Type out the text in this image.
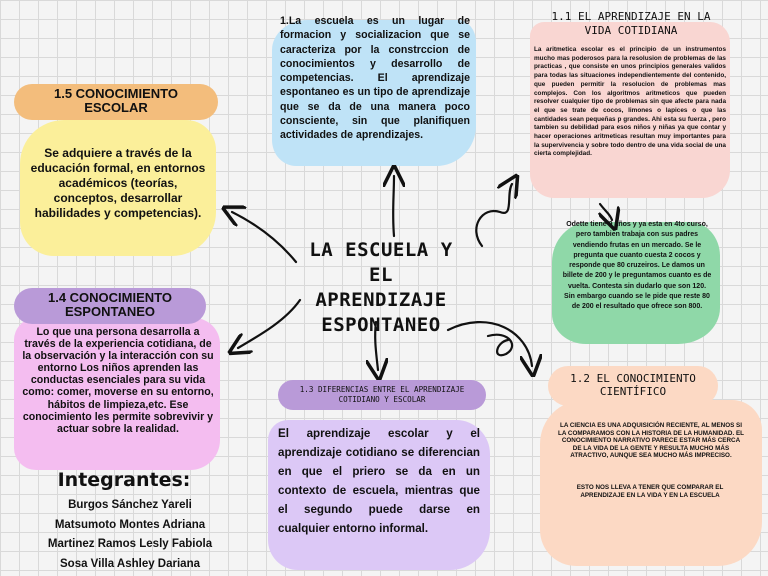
LA ESCUELA Y EL
APRENDIZAJE
ESPONTANEO

1.La escuela es un lugar de formacion y socializacion que se caracteriza por la constrccion de conocimientos y desarrollo de competencias. El aprendizaje espontaneo es un tipo de aprendizaje que se da de una manera poco consciente, sin que planifiquen actividades de aprendizajes.

1.1 EL APRENDIZAJE EN LA VIDA COTIDIANA

La aritmetica escolar es el principio de un instrumentos mucho mas poderosos para la resolusion de problemas de las practicas , que consiste en unos principios generales validos para todas las situaciones independientemente del contenido, que pueden permitir la resolucion de problemas mas complejos. Con los algoritmos aritmeticos que pueden resolver cualquier tipo de problemas sin que afecte para nada el que se trate de cocos, limones o lapices o que las cantidades sean pequeñas p grandes. Ahi esta su fuerza , pero tambien su debilidad para esos niños y niñas ya que contar y hacer operaciones aritmeticas resultan muy importantes para la supervivencia y sobre todo dentro de una vida social de una cierta complejidad.

Odette tiene 9 años y ya esta en 4to curso, pero tambien trabaja con sus padres vendiendo frutas en un mercado. Se le pregunta que cuanto cuesta 2 cocos y responde que 80 cruzeiros. Le damos un billete de 200 y le preguntamos cuanto es de vuelta. Contesta sin dudarlo que son 120. Sin embargo cuando se le pide que reste 80 de 200 el resultado que ofrece son 800.

1.2 EL CONOCIMIENTO CIENTÍFICO

LA CIENCIA ES UNA ADQUISICIÓN RECIENTE, AL MENOS SI LA COMPARAMOS CON LA HISTORIA DE LA HUMANIDAD. EL CONOCIMIENTO NARRATIVO PARECE ESTAR MÁS CERCA DE LA VIDA DE LA GENTE Y RESULTA MUCHO MÁS ATRACTIVO, AUNQUE SEA MUCHO MÁS IMPRECISO.

ESTO NOS LLEVA A TENER QUE COMPARAR EL APRENDIZAJE EN LA VIDA Y EN LA ESCUELA

1.3 DIFERENCIAS ENTRE EL APRENDIZAJE COTIDIANO Y ESCOLAR

El aprendizaje escolar y el aprendizaje cotidiano se diferencian en que el priero se da en un contexto de escuela, mientras que el segundo puede darse en cualquier entorno informal.

1.5 CONOCIMIENTO ESCOLAR

Se adquiere a través de la educación formal, en entornos académicos (teorías, conceptos, desarrollar habilidades y competencias).

1.4 CONOCIMIENTO ESPONTANEO

Lo que una persona desarrolla a través de la experiencia cotidiana, de la observación y la interacción con su entorno Los niños aprenden las conductas esenciales para su vida como: comer, moverse en su entorno, hábitos de limpieza,etc. Ese conocimiento les permite sobrevivir y actuar sobre la realidad.

Integrantes:
Burgos Sánchez Yareli
Matsumoto Montes Adriana
Martinez Ramos Lesly Fabiola
Sosa Villa Ashley Dariana
